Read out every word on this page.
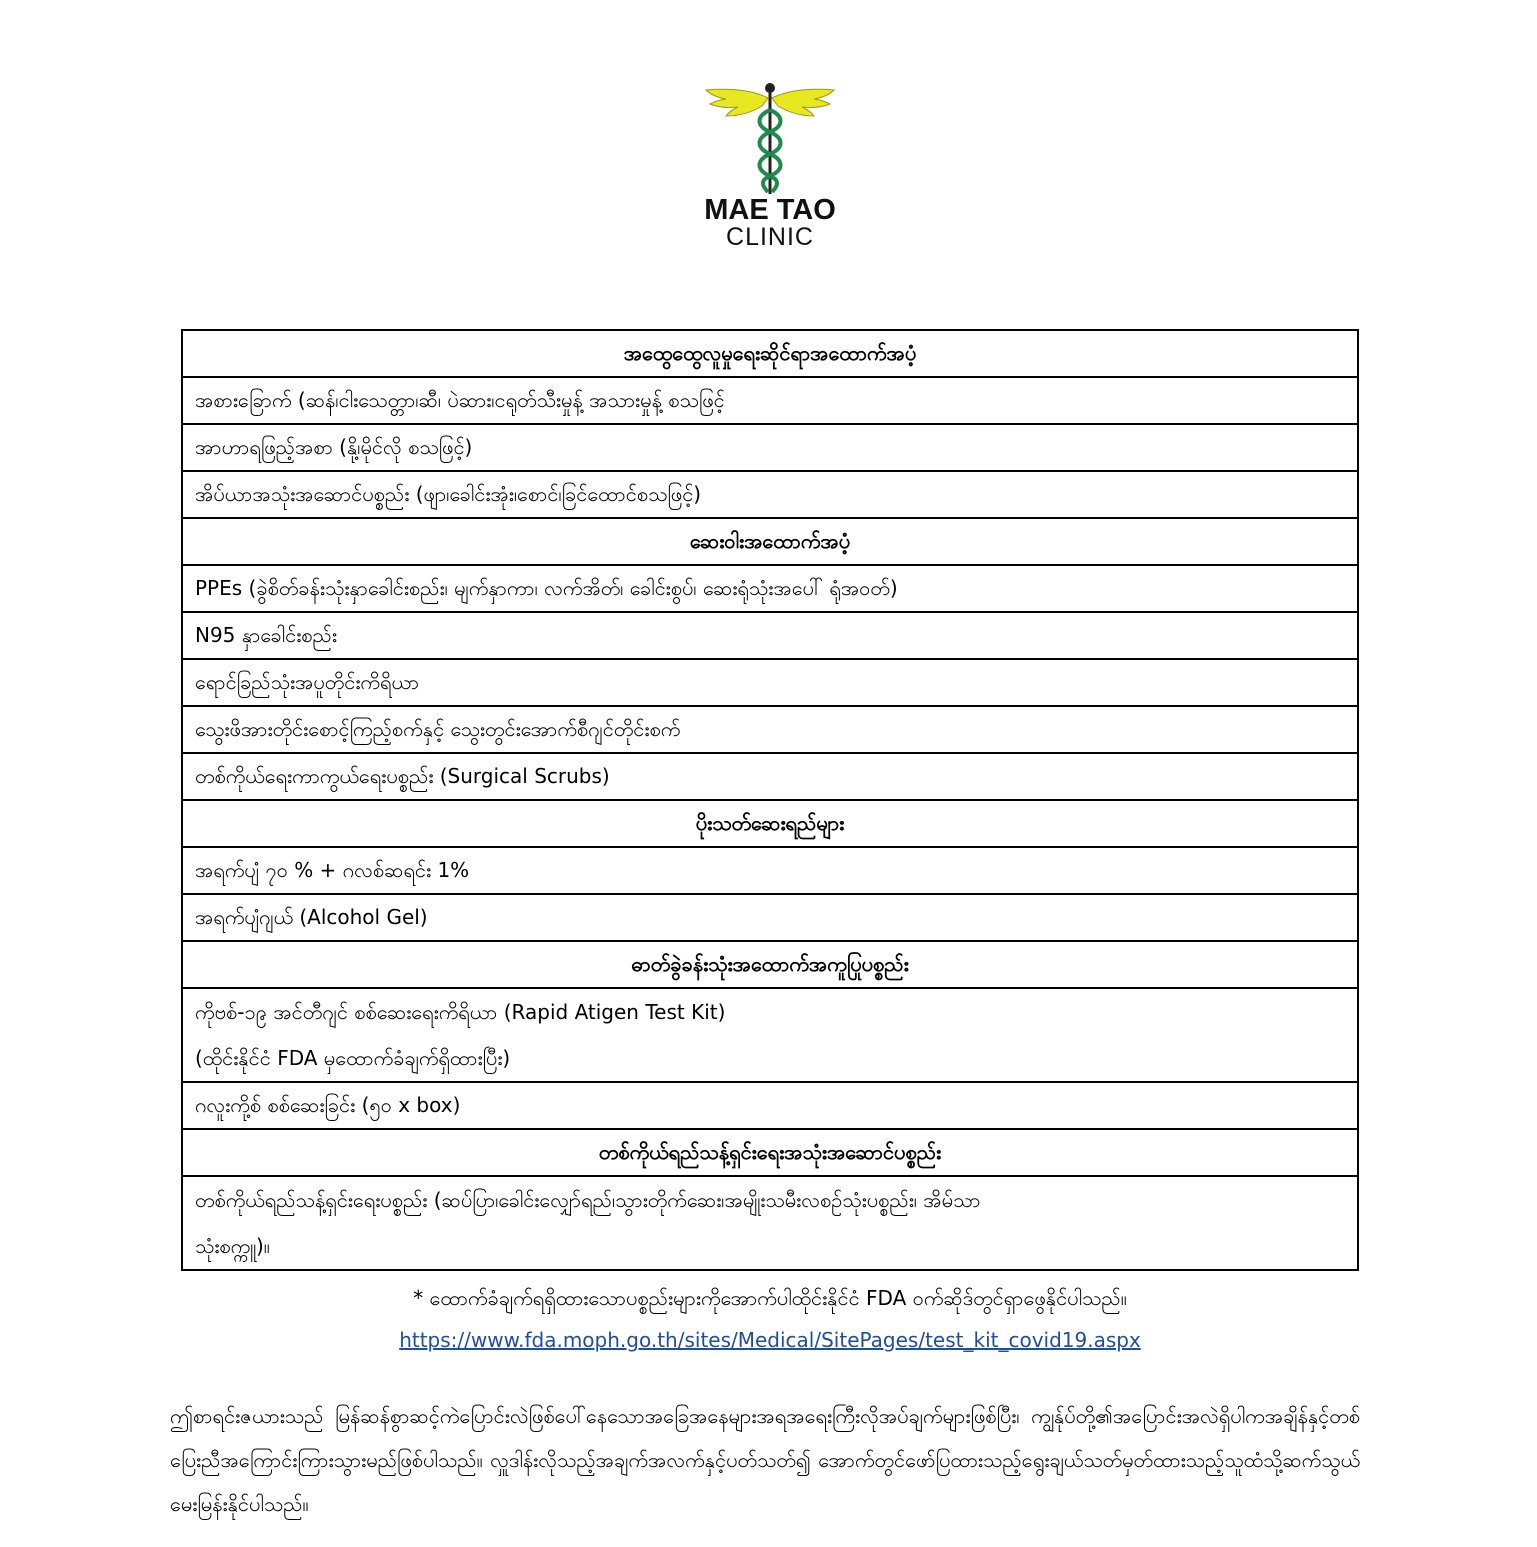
MAE TAO
CLINIC
အထွေထွေလူမှုရေးဆိုင်ရာအထောက်အပံ့
အစားခြောက် (ဆန်၊ငါးသေတ္တာ၊ဆီ၊ ပဲဆား၊ငရုတ်သီးမှုန့် အသားမှုန့် စသဖြင့်
အာဟာရဖြည့်အစာ (နို့၊မိုင်လို စသဖြင့်)
အိပ်ယာအသုံးအဆောင်ပစ္စည်း (ဖျာ၊ခေါင်းအုံး၊စောင်၊ခြင်ထောင်စသဖြင့်)
ဆေးဝါးအထောက်အပံ့
PPEs (ခွဲစိတ်ခန်းသုံးနှာခေါင်းစည်း၊ မျက်နှာကာ၊ လက်အိတ်၊ ခေါင်းစွပ်၊ ဆေးရုံသုံးအပေါ် ရုံအဝတ်)
N95 နှာခေါင်းစည်း
ရောင်ခြည်သုံးအပူတိုင်းကိရိယာ
သွေးဖိအားတိုင်းစောင့်ကြည့်စက်နှင့် သွေးတွင်းအောက်စီဂျင်တိုင်းစက်
တစ်ကိုယ်ရေးကာကွယ်ရေးပစ္စည်း (Surgical Scrubs)
ပိုးသတ်ဆေးရည်များ
အရက်ပျံ ၇၀ % + ဂလစ်ဆရင်း 1%
အရက်ပျံဂျယ် (Alcohol Gel)
ဓာတ်ခွဲခန်းသုံးအထောက်အကူပြုပစ္စည်း

ကိုဗစ်-၁၉ အင်တီဂျင် စစ်ဆေးရေးကိရိယာ (Rapid Atigen Test Kit)
(ထိုင်းနိုင်ငံ FDA မှထောက်ခံချက်ရှိထားပြီး)

ဂလူးကို့စ် စစ်ဆေးခြင်း (၅၀ x box)
တစ်ကိုယ်ရည်သန့်ရှင်းရေးအသုံးအဆောင်ပစ္စည်း

တစ်ကိုယ်ရည်သန့်ရှင်းရေးပစ္စည်း (ဆပ်ပြာ၊ခေါင်းလျှော်ရည်၊သွားတိုက်ဆေး၊အမျိုးသမီးလစဉ်သုံးပစ္စည်း၊ အိမ်သာ
သုံးစက္ကူ)။
* ထောက်ခံချက်ရရှိထားသောပစ္စည်းများကိုအောက်ပါထိုင်းနိုင်ငံ FDA ဝက်ဆိုဒ်တွင်ရှာဖွေနိုင်ပါသည်။
https://www.fda.moph.go.th/sites/Medical/SitePages/test_kit_covid19.aspx
ဤစာရင်းဇယားသည် မြန်ဆန်စွာဆင့်ကဲပြောင်းလဲဖြစ်ပေါ်နေသောအခြေအနေများအရအရေးကြီးလိုအပ်ချက်များဖြစ်ပြီး၊ ကျွန်ုပ်တို့၏အပြောင်းအလဲရှိပါကအချိန်နှင့်တစ်ပြေးညီအကြောင်းကြားသွားမည်ဖြစ်ပါသည်။ လှူဒါန်းလိုသည့်အချက်အလက်နှင့်ပတ်သတ်၍ အောက်တွင်ဖော်ပြထားသည့်ရွေးချယ်သတ်မှတ်ထားသည့်သူထံသို့ဆက်သွယ် မေးမြန်းနိုင်ပါသည်။
